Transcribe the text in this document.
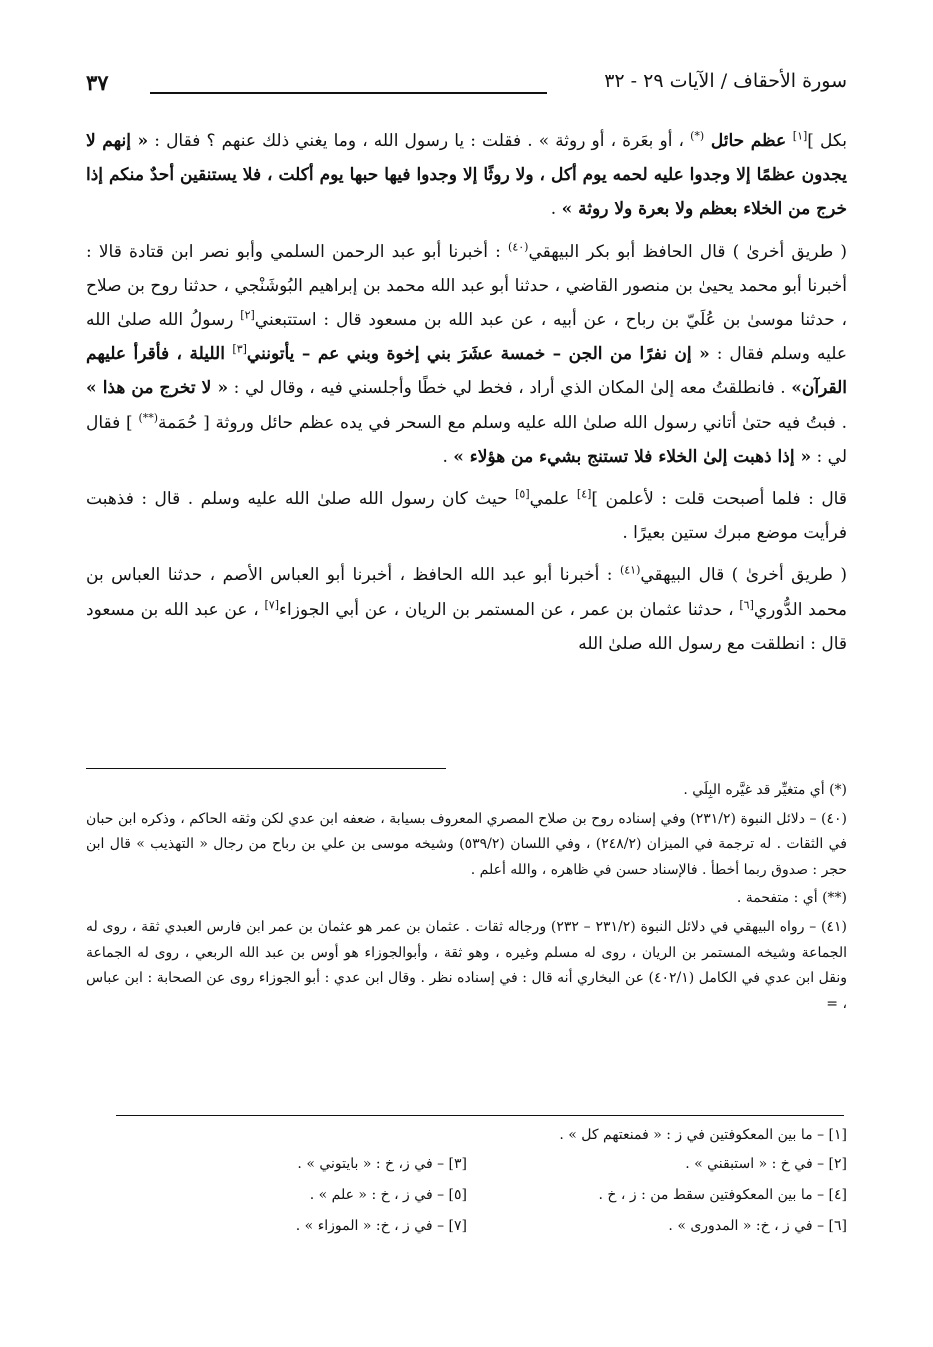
سورة الأحقاف / الآيات ٢٩ - ٣٢
٣٧

بكل ][١] عظم حائل (*) ، أو بعَرة ، أو روثة » . فقلت : يا رسول الله ، وما يغني ذلك عنهم ؟ فقال : « إنهم لا يجدون عظمًا إلا وجدوا عليه لحمه يوم أكل ، ولا روثًا إلا وجدوا فيها حبها يوم أكلت ، فلا يستنقين أحدٌ منكم إذا خرج من الخلاء بعظم ولا بعرة ولا روثة » .

( طريق أخرىٰ ) قال الحافظ أبو بكر البيهقي$^{(٤٠)}$ : أخبرنا أبو عبد الرحمن السلمي وأبو نصر ابن قتادة قالا : أخبرنا أبو محمد يحيىٰ بن منصور القاضي ، حدثنا أبو عبد الله محمد بن إبراهيم البُوشَنْجي ، حدثنا روح بن صلاح ، حدثنا موسىٰ بن عُلَيّ بن رباح ، عن أبيه ، عن عبد الله بن مسعود قال : استتبعني[٢] رسولُ الله صلىٰ الله عليه وسلم فقال : « إن نفرًا من الجن – خمسة عشَرَ بني إخوة وبني عم – يأتونني[٣] الليلة ، فأقرأ عليهم القرآن» . فانطلقتُ معه إلىٰ المكان الذي أراد ، فخط لي خطًا وأجلسني فيه ، وقال لي : « لا تخرج من هذا » . فبتُ فيه حتىٰ أتاني رسول الله صلىٰ الله عليه وسلم مع السحر في يده عظم حائل وروثة [ حُمَمة(**) ] فقال لي : « إذا ذهبت إلىٰ الخلاء فلا تستنج بشيء من هؤلاء » .

قال : فلما أصبحت قلت : لأعلمن ][٤] علمي[٥] حيث كان رسول الله صلىٰ الله عليه وسلم . قال : فذهبت فرأيت موضع مبرك ستين بعيرًا .

( طريق أخرىٰ ) قال البيهقي$^{(٤١)}$ : أخبرنا أبو عبد الله الحافظ ، أخبرنا أبو العباس الأصم ، حدثنا العباس بن محمد الدُّوري[٦] ، حدثنا عثمان بن عمر ، عن المستمر بن الريان ، عن أبي الجوزاء[٧] ، عن عبد الله بن مسعود قال : انطلقت مع رسول الله صلىٰ الله

(*) أي متغيِّر قد غيَّره البِلَي .

(٤٠) – دلائل النبوة (٢٣١/٢) وفي إسناده روح بن صلاح المصري المعروف بسيابة ، ضعفه ابن عدي لكن وثقه الحاكم ، وذكره ابن حبان في الثقات . له ترجمة في الميزان (٢٤٨/٢) ، وفي اللسان (٥٣٩/٢) وشيخه موسى بن علي بن رباح من رجال « التهذيب » قال ابن حجر : صدوق ربما أخطأ . فالإسناد حسن في ظاهره ، والله أعلم .

(**) أي : متفحمة .

(٤١) – رواه البيهقي في دلائل النبوة (٢٣١/٢ – ٢٣٢) ورجاله ثقات . عثمان بن عمر هو عثمان بن عمر ابن فارس العبدي ثقة ، روى له الجماعة وشيخه المستمر بن الريان ، روى له مسلم وغيره ، وهو ثقة ، وأبوالجوزاء هو أوس بن عبد الله الربعي ، روى له الجماعة ونقل ابن عدي في الكامل (٤٠٢/١) عن البخاري أنه قال : في إسناده نظر . وقال ابن عدي : أبو الجوزاء روى عن الصحابة : ابن عباس ، =

[١] – ما بين المعكوفتين في ز : « فمنعتهم كل » .
[٢] – في خ : « استبقني » .
[٣] – في ز، خ : « بايتوني » .
[٤] – ما بين المعكوفتين سقط من : ز ، خ .
[٥] – في ز ، خ : « علم » .
[٦] – في ز ، خ: « المدورى » .
[٧] – في ز ، خ: « الموزاء » .
